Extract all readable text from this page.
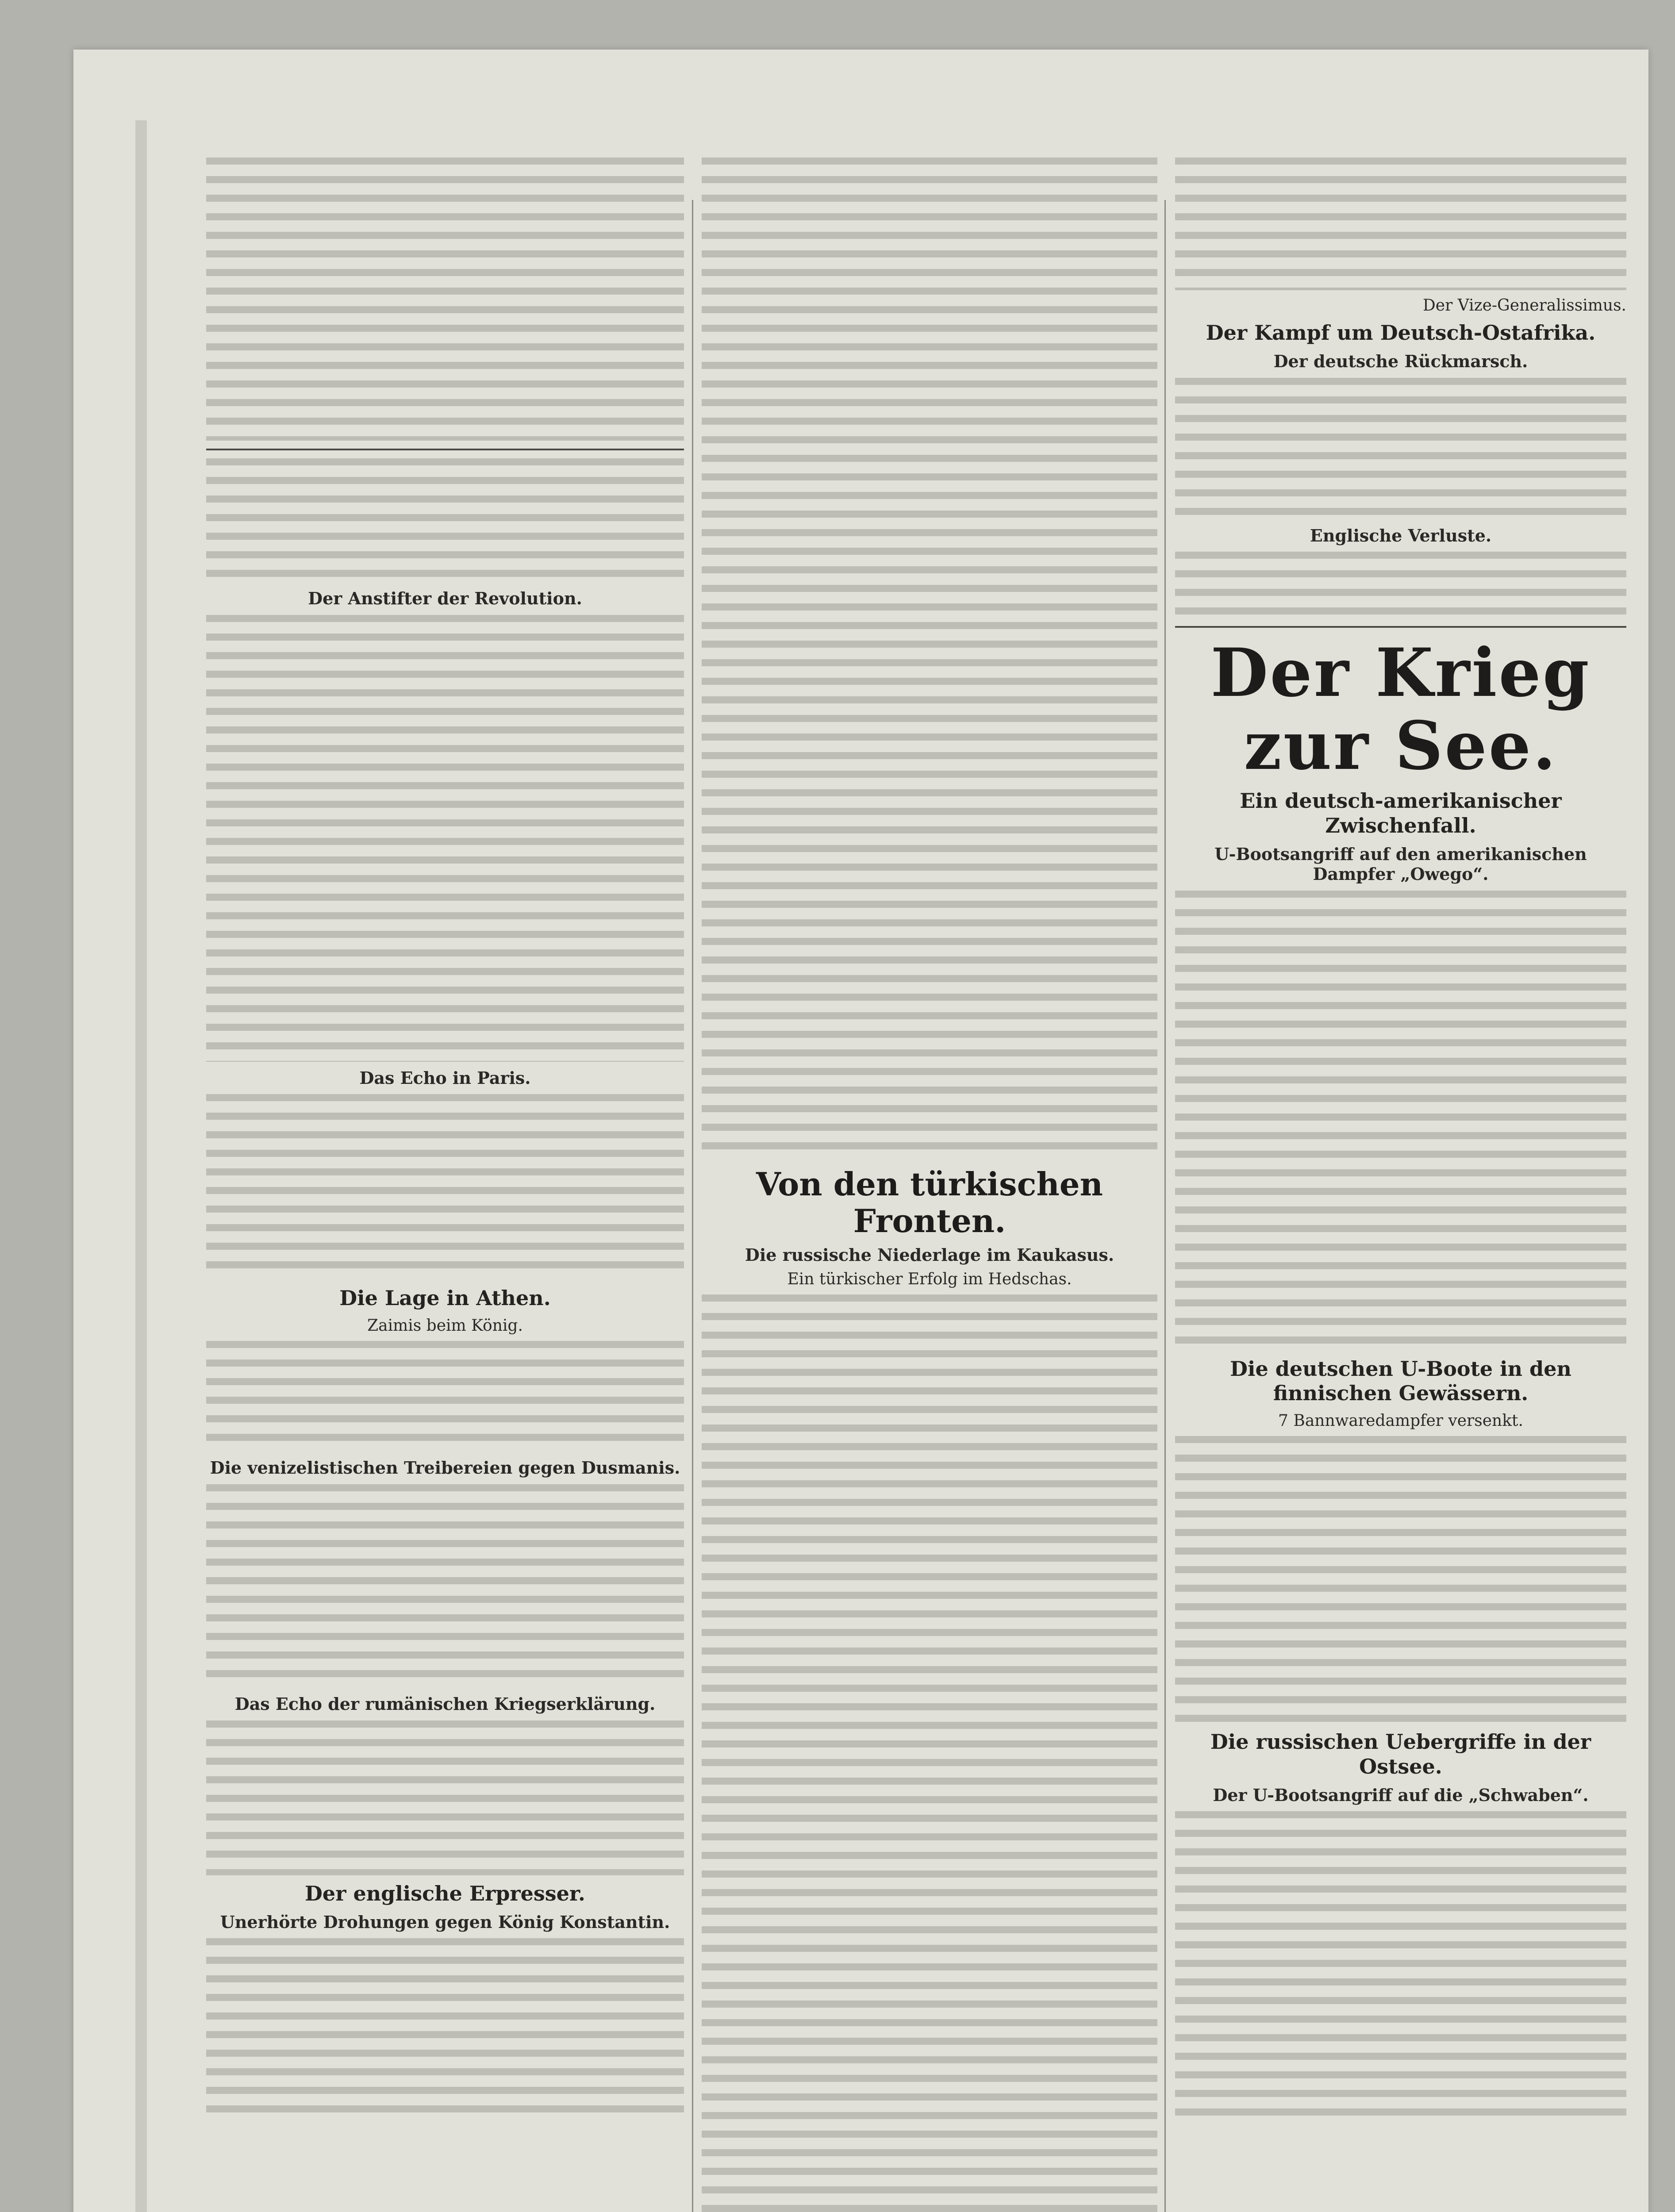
Der Anstifter der Revolution.
Das Echo in Paris.
Die Lage in Athen.
Zaimis beim König.
Die venizelistischen Treibereien gegen Dusmanis.
Das Echo der rumänischen Kriegserklärung.
Der englische Erpresser.
Unerhörte Drohungen gegen König Konstantin.
Von den türkischen Fronten.
Die russische Niederlage im Kaukasus.
Ein türkischer Erfolg im Hedschas.
Der Vize-Generalissimus.
Der Kampf um Deutsch-Ostafrika.
Der deutsche Rückmarsch.
Englische Verluste.
Der Krieg zur See.
Ein deutsch-amerikanischer Zwischenfall.
U-Bootsangriff auf den amerikanischen Dampfer „Owego“.
Die deutschen U-Boote in den finnischen Gewässern.
7 Bannwaredampfer versenkt.
Die russischen Uebergriffe in der Ostsee.
Der U-Bootsangriff auf die „Schwaben“.
